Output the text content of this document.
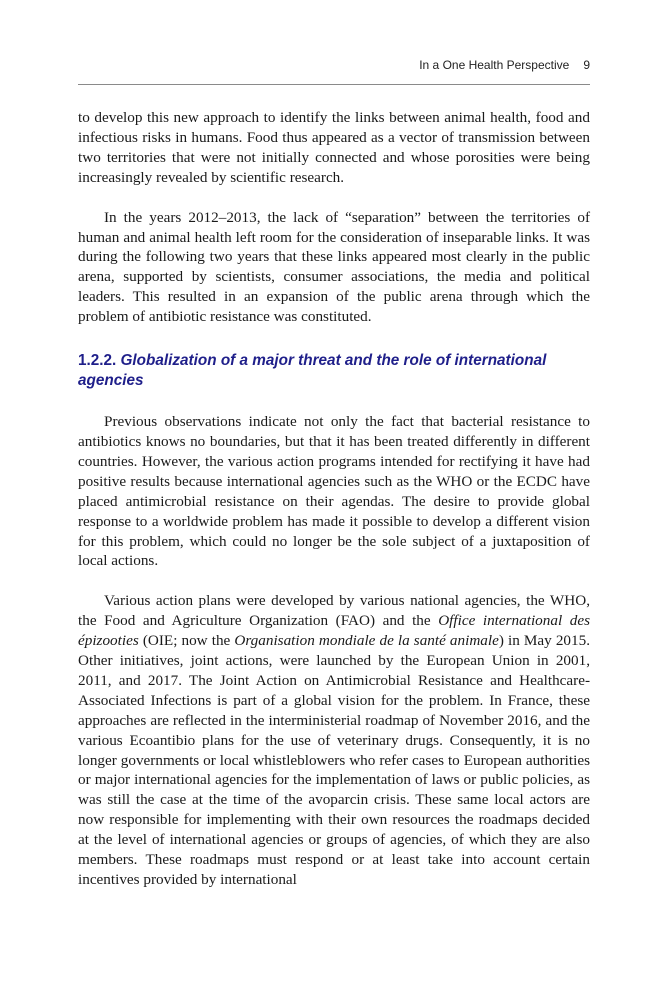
In a One Health Perspective 9

to develop this new approach to identify the links between animal health, food and infectious risks in humans. Food thus appeared as a vector of transmission between two territories that were not initially connected and whose porosities were being increasingly revealed by scientific research.

In the years 2012–2013, the lack of “separation” between the territories of human and animal health left room for the consideration of inseparable links. It was during the following two years that these links appeared most clearly in the public arena, supported by scientists, consumer associations, the media and political leaders. This resulted in an expansion of the public arena through which the problem of antibiotic resistance was constituted.

1.2.2. Globalization of a major threat and the role of international agencies

Previous observations indicate not only the fact that bacterial resistance to antibiotics knows no boundaries, but that it has been treated differently in different countries. However, the various action programs intended for rectifying it have had positive results because international agencies such as the WHO or the ECDC have placed antimicrobial resistance on their agendas. The desire to provide global response to a worldwide problem has made it possible to develop a different vision for this problem, which could no longer be the sole subject of a juxtaposition of local actions.

Various action plans were developed by various national agencies, the WHO, the Food and Agriculture Organization (FAO) and the Office international des épizooties (OIE; now the Organisation mondiale de la santé animale) in May 2015. Other initiatives, joint actions, were launched by the European Union in 2001, 2011, and 2017. The Joint Action on Antimicrobial Resistance and Healthcare-Associated Infections is part of a global vision for the problem. In France, these approaches are reflected in the interministerial roadmap of November 2016, and the various Ecoantibio plans for the use of veterinary drugs. Consequently, it is no longer governments or local whistleblowers who refer cases to European authorities or major international agencies for the implementation of laws or public policies, as was still the case at the time of the avoparcin crisis. These same local actors are now responsible for implementing with their own resources the roadmaps decided at the level of international agencies or groups of agencies, of which they are also members. These roadmaps must respond or at least take into account certain incentives provided by international
